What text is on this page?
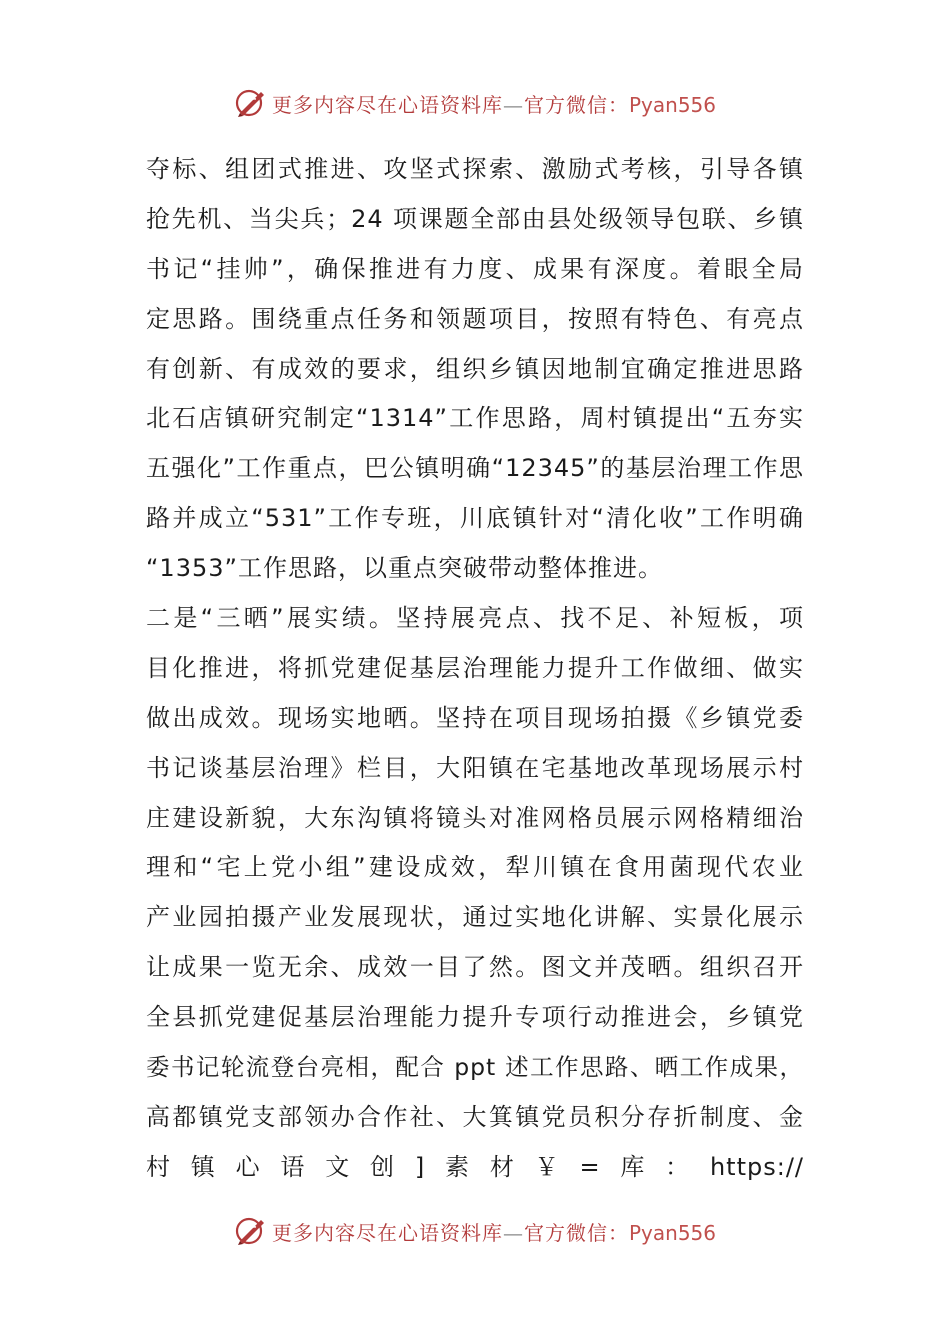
更多内容尽在心语资料库—官方微信：Pyan556
夺标、组团式推进、攻坚式探索、激励式考核，引导各镇
抢先机、当尖兵；24 项课题全部由县处级领导包联、乡镇
书记“挂帅”，确保推进有力度、成果有深度。着眼全局
定思路。围绕重点任务和领题项目，按照有特色、有亮点
有创新、有成效的要求，组织乡镇因地制宜确定推进思路
北石店镇研究制定“1314”工作思路，周村镇提出“五夯实
五强化”工作重点，巴公镇明确“12345”的基层治理工作思
路并成立“531”工作专班，川底镇针对“清化收”工作明确
“1353”工作思路，以重点突破带动整体推进。
二是“三晒”展实绩。坚持展亮点、找不足、补短板，项
目化推进，将抓党建促基层治理能力提升工作做细、做实
做出成效。现场实地晒。坚持在项目现场拍摄《乡镇党委
书记谈基层治理》栏目，大阳镇在宅基地改革现场展示村
庄建设新貌，大东沟镇将镜头对准网格员展示网格精细治
理和“宅上党小组”建设成效，犁川镇在食用菌现代农业
产业园拍摄产业发展现状，通过实地化讲解、实景化展示
让成果一览无余、成效一目了然。图文并茂晒。组织召开
全县抓党建促基层治理能力提升专项行动推进会，乡镇党
委书记轮流登台亮相，配合 ppt 述工作思路、晒工作成果，
高都镇党支部领办合作社、大箕镇党员积分存折制度、金
村镇心语文创]素材￥=库：https://
更多内容尽在心语资料库—官方微信：Pyan556
